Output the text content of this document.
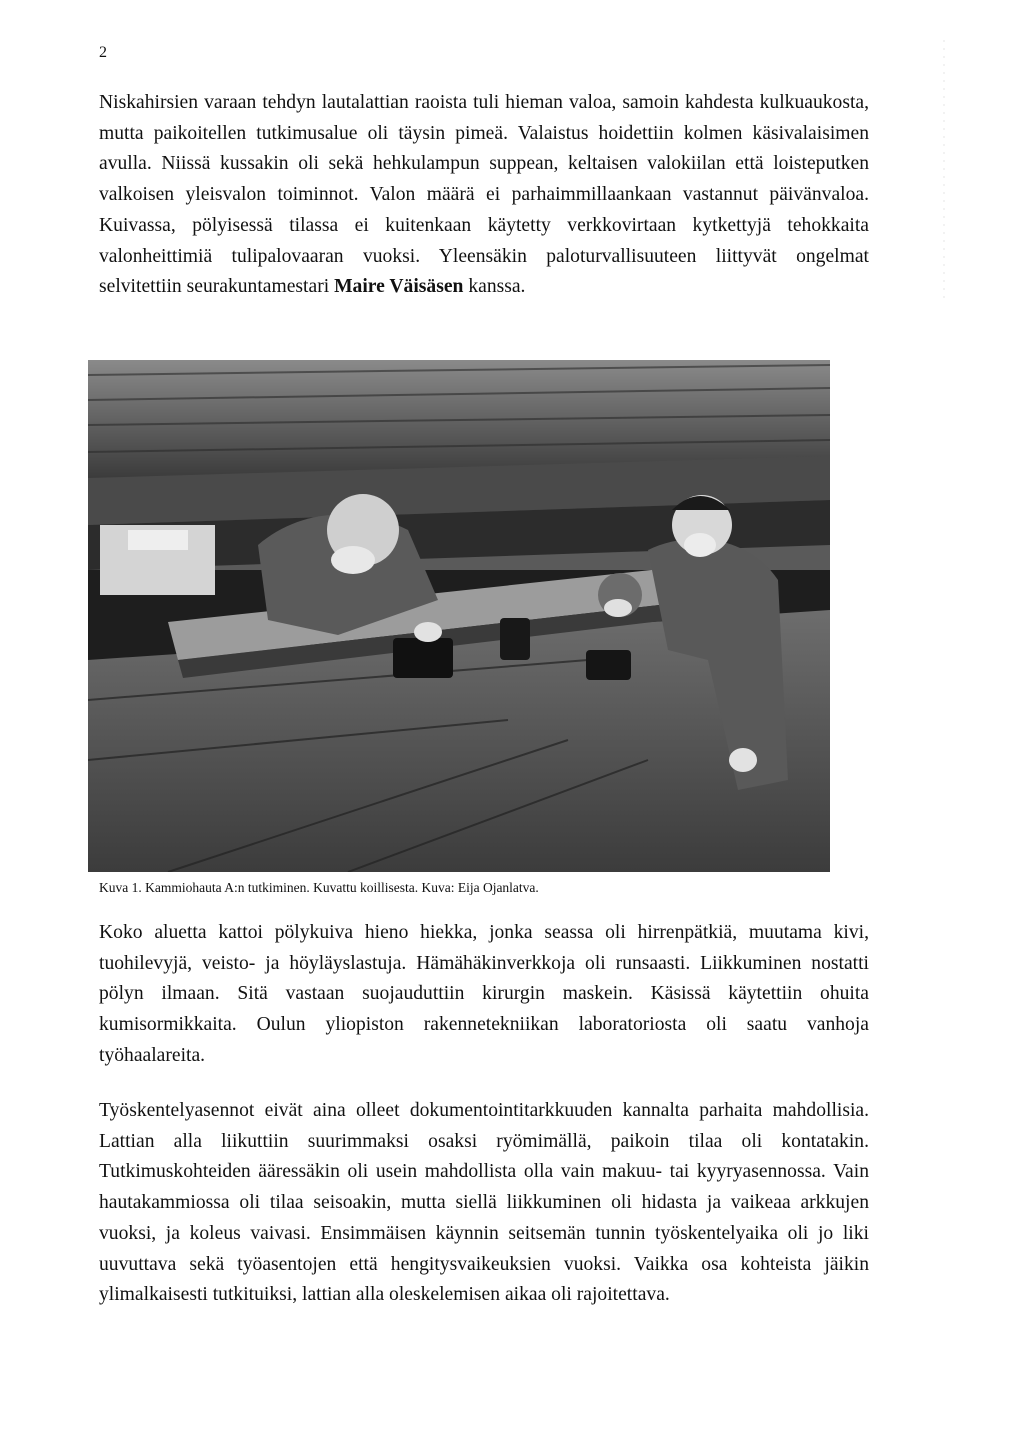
2

Niskahirsien varaan tehdyn lautalattian raoista tuli hieman valoa, samoin kahdesta kulkuaukosta, mutta paikoitellen tutkimusalue oli täysin pimeä. Valaistus hoidettiin kolmen käsivalaisimen avulla. Niissä kussakin oli sekä hehkulampun suppean, keltaisen valokiilan että loisteputken valkoisen yleisvalon toiminnot. Valon määrä ei parhaimmillaankaan vastannut päivänvaloa. Kuivassa, pölyisessä tilassa ei kuitenkaan käytetty verkkovirtaan kytkettyjä tehokkaita valonheittimiä tulipalovaaran vuoksi. Yleensäkin paloturvallisuuteen liittyvät ongelmat selvitettiin seurakuntamestari Maire Väisäsen kanssa.

Kuva 1. Kammiohauta A:n tutkiminen. Kuvattu koillisesta. Kuva: Eija Ojanlatva.

Koko aluetta kattoi pölykuiva hieno hiekka, jonka seassa oli hirrenpätkiä, muutama kivi, tuohilevyjä, veisto- ja höyläyslastuja. Hämähäkinverkkoja oli runsaasti. Liikkuminen nostatti pölyn ilmaan. Sitä vastaan suojauduttiin kirurgin maskein. Käsissä käytettiin ohuita kumisormikkaita. Oulun yliopiston rakennetekniikan laboratoriosta oli saatu vanhoja työhaalareita.

Työskentelyasennot eivät aina olleet dokumentointitarkkuuden kannalta parhaita mahdollisia. Lattian alla liikuttiin suurimmaksi osaksi ryömimällä, paikoin tilaa oli kontatakin. Tutkimuskohteiden ääressäkin oli usein mahdollista olla vain makuu- tai kyyryasennossa. Vain hautakammiossa oli tilaa seisoakin, mutta siellä liikkuminen oli hidasta ja vaikeaa arkkujen vuoksi, ja koleus vaivasi. Ensimmäisen käynnin seitsemän tunnin työskentelyaika oli jo liki uuvuttava sekä työasentojen että hengitysvaikeuksien vuoksi. Vaikka osa kohteista jäikin ylimalkaisesti tutkituiksi, lattian alla oleskelemisen aikaa oli rajoitettava.
